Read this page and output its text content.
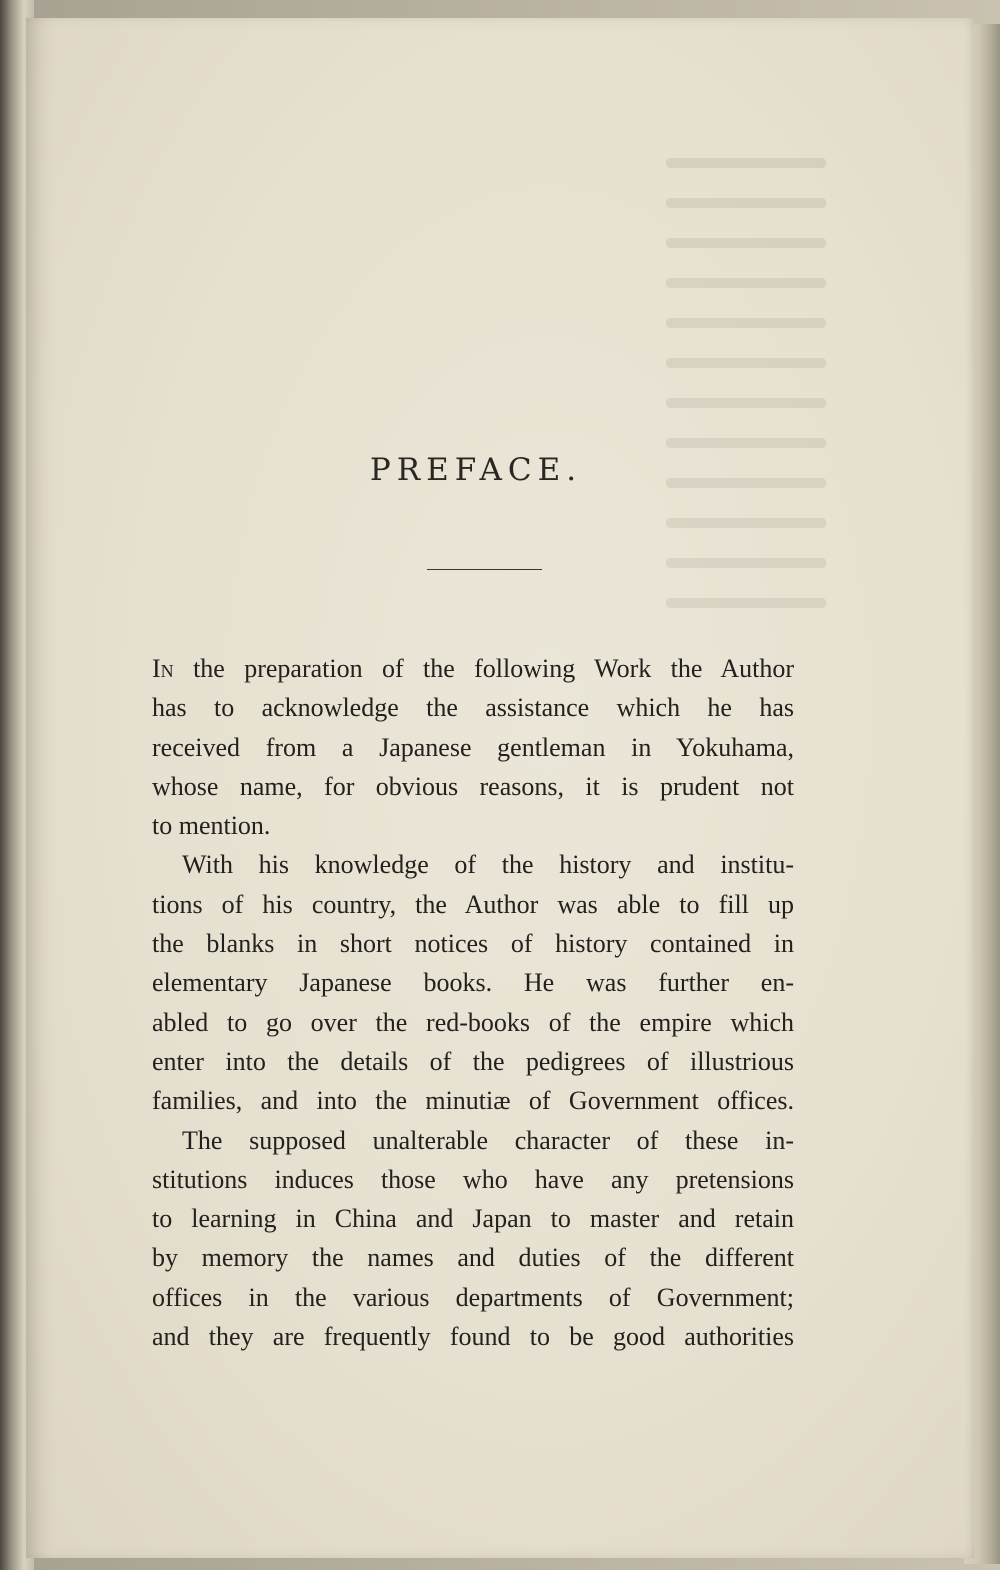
PREFACE.
In the preparation of the following Work the Author
has to acknowledge the assistance which he has
received from a Japanese gentleman in Yokuhama,
whose name, for obvious reasons, it is prudent not
to mention.
With his knowledge of the history and institu-
tions of his country, the Author was able to fill up
the blanks in short notices of history contained in
elementary Japanese books. He was further en-
abled to go over the red-books of the empire which
enter into the details of the pedigrees of illustrious
families, and into the minutiæ of Government offices.
The supposed unalterable character of these in-
stitutions induces those who have any pretensions
to learning in China and Japan to master and retain
by memory the names and duties of the different
offices in the various departments of Government;
and they are frequently found to be good authorities
